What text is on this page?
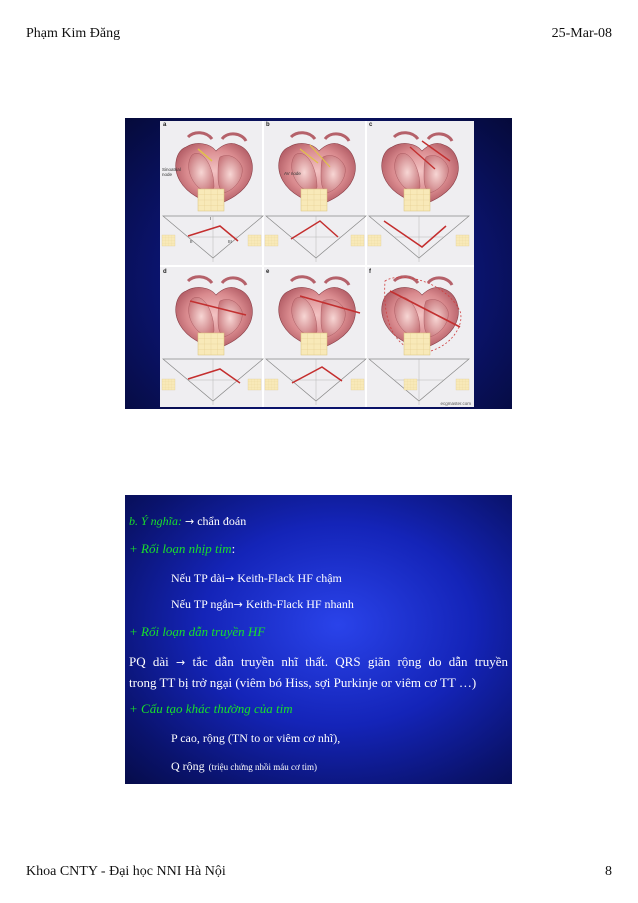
Phạm Kim Đăng	25-Mar-08
a	b	c
d	e	f
Sinoatrial node	AV node
II	III
I
ecgmaster.com
b. Ý nghĩa: → chẩn đoán
+ Rối loạn nhịp tim:
Nếu TP dài→ Keith-Flack HF chậm
Nếu TP ngắn→ Keith-Flack HF nhanh
+ Rối loạn dẫn truyền HF
PQ dài → tắc dẫn truyền nhĩ thất. QRS giãn rộng do dẫn truyền
trong TT bị trở ngại (viêm bó Hiss, sợi Purkinje or viêm cơ TT …)
+ Cấu tạo khác thường của tim
P cao, rộng (TN to or viêm cơ nhĩ),
Q rộng (triệu chứng nhồi máu cơ tim)
Khoa CNTY - Đại học NNI Hà Nội	8
